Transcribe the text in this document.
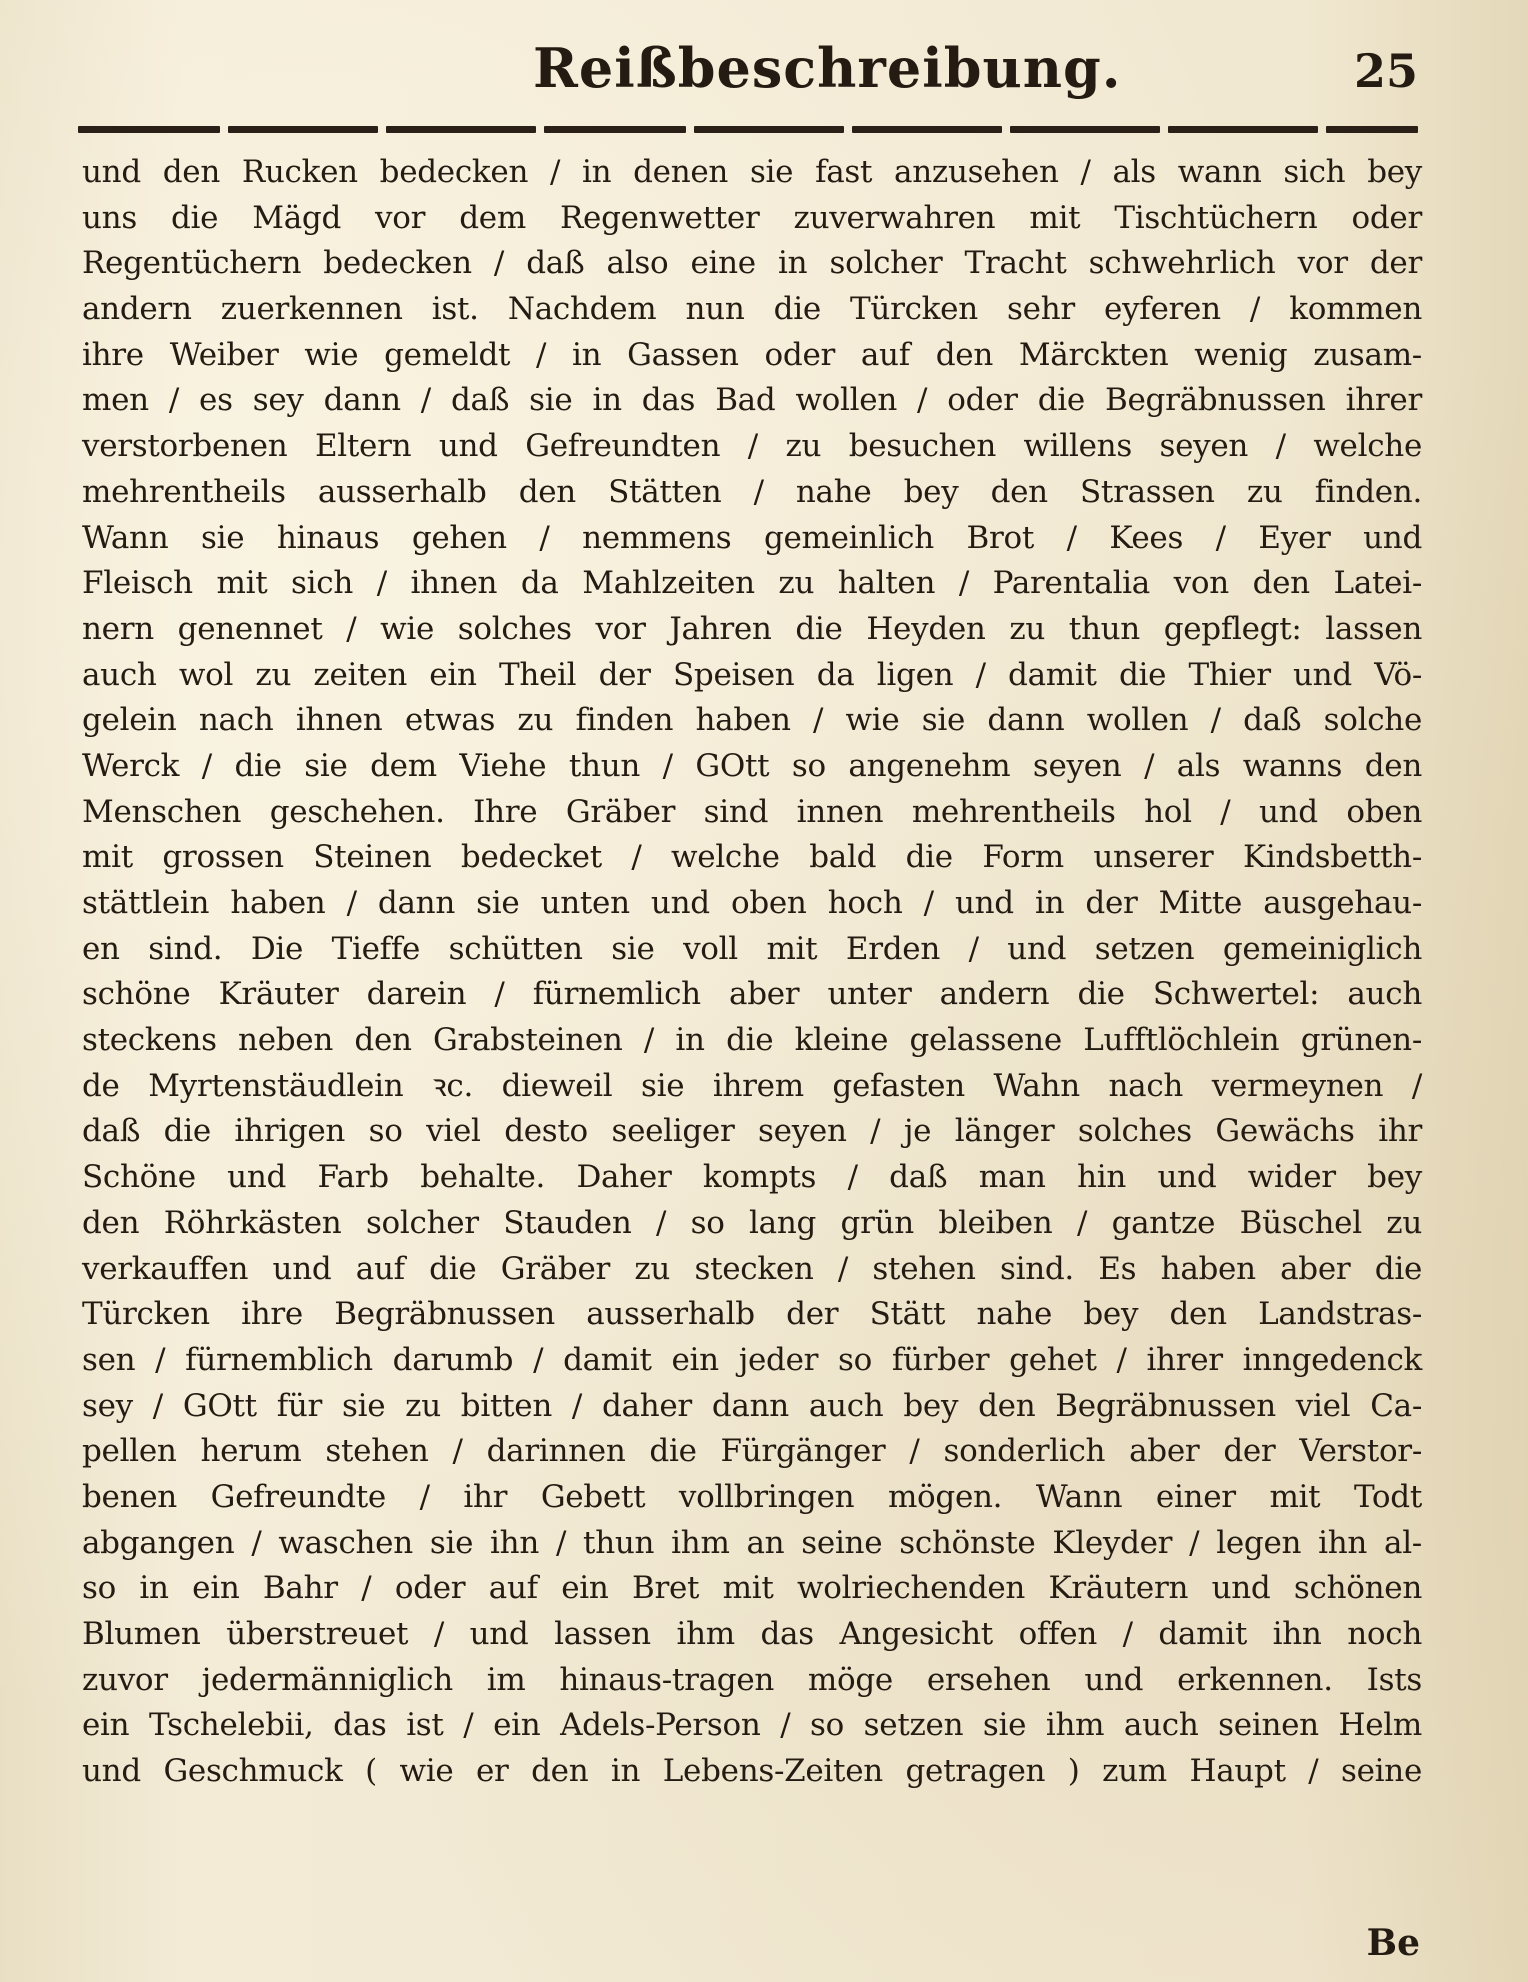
Reißbeschreibung.	25
und den Rucken bedecken / in denen sie fast anzusehen / als wann sich bey
uns die Mägd vor dem Regenwetter zuverwahren mit Tischtüchern oder
Regentüchern bedecken / daß also eine in solcher Tracht schwehrlich vor der
andern zuerkennen ist. Nachdem nun die Türcken sehr eyferen / kommen
ihre Weiber wie gemeldt / in Gassen oder auf den Märckten wenig zusam-
men / es sey dann / daß sie in das Bad wollen / oder die Begräbnussen ihrer
verstorbenen Eltern und Gefreundten / zu besuchen willens seyen / welche
mehrentheils ausserhalb den Stätten / nahe bey den Strassen zu finden.
Wann sie hinaus gehen / nemmens gemeinlich Brot / Kees / Eyer und
Fleisch mit sich / ihnen da Mahlzeiten zu halten / Parentalia von den Latei-
nern genennet / wie solches vor Jahren die Heyden zu thun gepflegt: lassen
auch wol zu zeiten ein Theil der Speisen da ligen / damit die Thier und Vö-
gelein nach ihnen etwas zu finden haben / wie sie dann wollen / daß solche
Werck / die sie dem Viehe thun / GOtt so angenehm seyen / als wanns den
Menschen geschehen. Ihre Gräber sind innen mehrentheils hol / und oben
mit grossen Steinen bedecket / welche bald die Form unserer Kindsbetth-
stättlein haben / dann sie unten und oben hoch / und in der Mitte ausgehau-
en sind. Die Tieffe schütten sie voll mit Erden / und setzen gemeiniglich
schöne Kräuter darein / fürnemlich aber unter andern die Schwertel: auch
steckens neben den Grabsteinen / in die kleine gelassene Lufftlöchlein grünen-
de Myrtenstäudlein ꝛc. dieweil sie ihrem gefasten Wahn nach vermeynen /
daß die ihrigen so viel desto seeliger seyen / je länger solches Gewächs ihr
Schöne und Farb behalte. Daher kompts / daß man hin und wider bey
den Röhrkästen solcher Stauden / so lang grün bleiben / gantze Büschel zu
verkauffen und auf die Gräber zu stecken / stehen sind. Es haben aber die
Türcken ihre Begräbnussen ausserhalb der Stätt nahe bey den Landstras-
sen / fürnemblich darumb / damit ein jeder so fürber gehet / ihrer inngedenck
sey / GOtt für sie zu bitten / daher dann auch bey den Begräbnussen viel Ca-
pellen herum stehen / darinnen die Fürgänger / sonderlich aber der Verstor-
benen Gefreundte / ihr Gebett vollbringen mögen. Wann einer mit Todt
abgangen / waschen sie ihn / thun ihm an seine schönste Kleyder / legen ihn al-
so in ein Bahr / oder auf ein Bret mit wolriechenden Kräutern und schönen
Blumen überstreuet / und lassen ihm das Angesicht offen / damit ihn noch
zuvor jedermänniglich im hinaus-tragen möge ersehen und erkennen. Ists
ein Tschelebii, das ist / ein Adels-Person / so setzen sie ihm auch seinen Helm
und Geschmuck ( wie er den in Lebens-Zeiten getragen ) zum Haupt / seine
Be
